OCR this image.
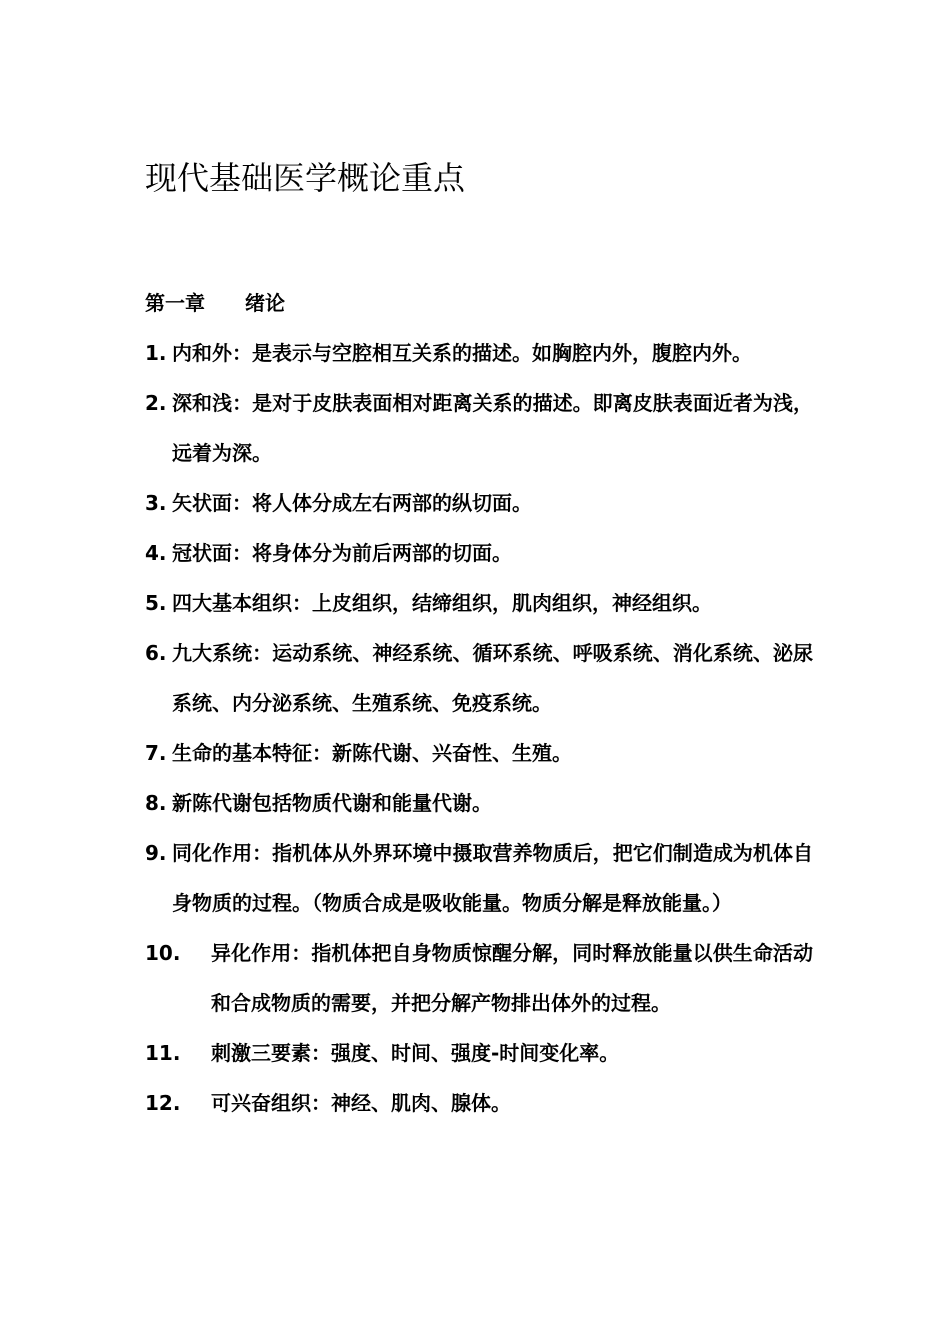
现代基础医学概论重点
第一章	绪论
1. 内和外：是表示与空腔相互关系的描述。如胸腔内外，腹腔内外。
2. 深和浅：是对于皮肤表面相对距离关系的描述。即离皮肤表面近者为浅，远着为深。
3. 矢状面：将人体分成左右两部的纵切面。
4. 冠状面：将身体分为前后两部的切面。
5. 四大基本组织：上皮组织，结缔组织，肌肉组织，神经组织。
6. 九大系统：运动系统、神经系统、循环系统、呼吸系统、消化系统、泌尿系统、内分泌系统、生殖系统、免疫系统。
7. 生命的基本特征：新陈代谢、兴奋性、生殖。
8. 新陈代谢包括物质代谢和能量代谢。
9. 同化作用：指机体从外界环境中摄取营养物质后，把它们制造成为机体自身物质的过程。（物质合成是吸收能量。物质分解是释放能量。）
10.	异化作用：指机体把自身物质惊醒分解，同时释放能量以供生命活动和合成物质的需要，并把分解产物排出体外的过程。
11.	刺激三要素：强度、时间、强度-时间变化率。
12.	可兴奋组织：神经、肌肉、腺体。
